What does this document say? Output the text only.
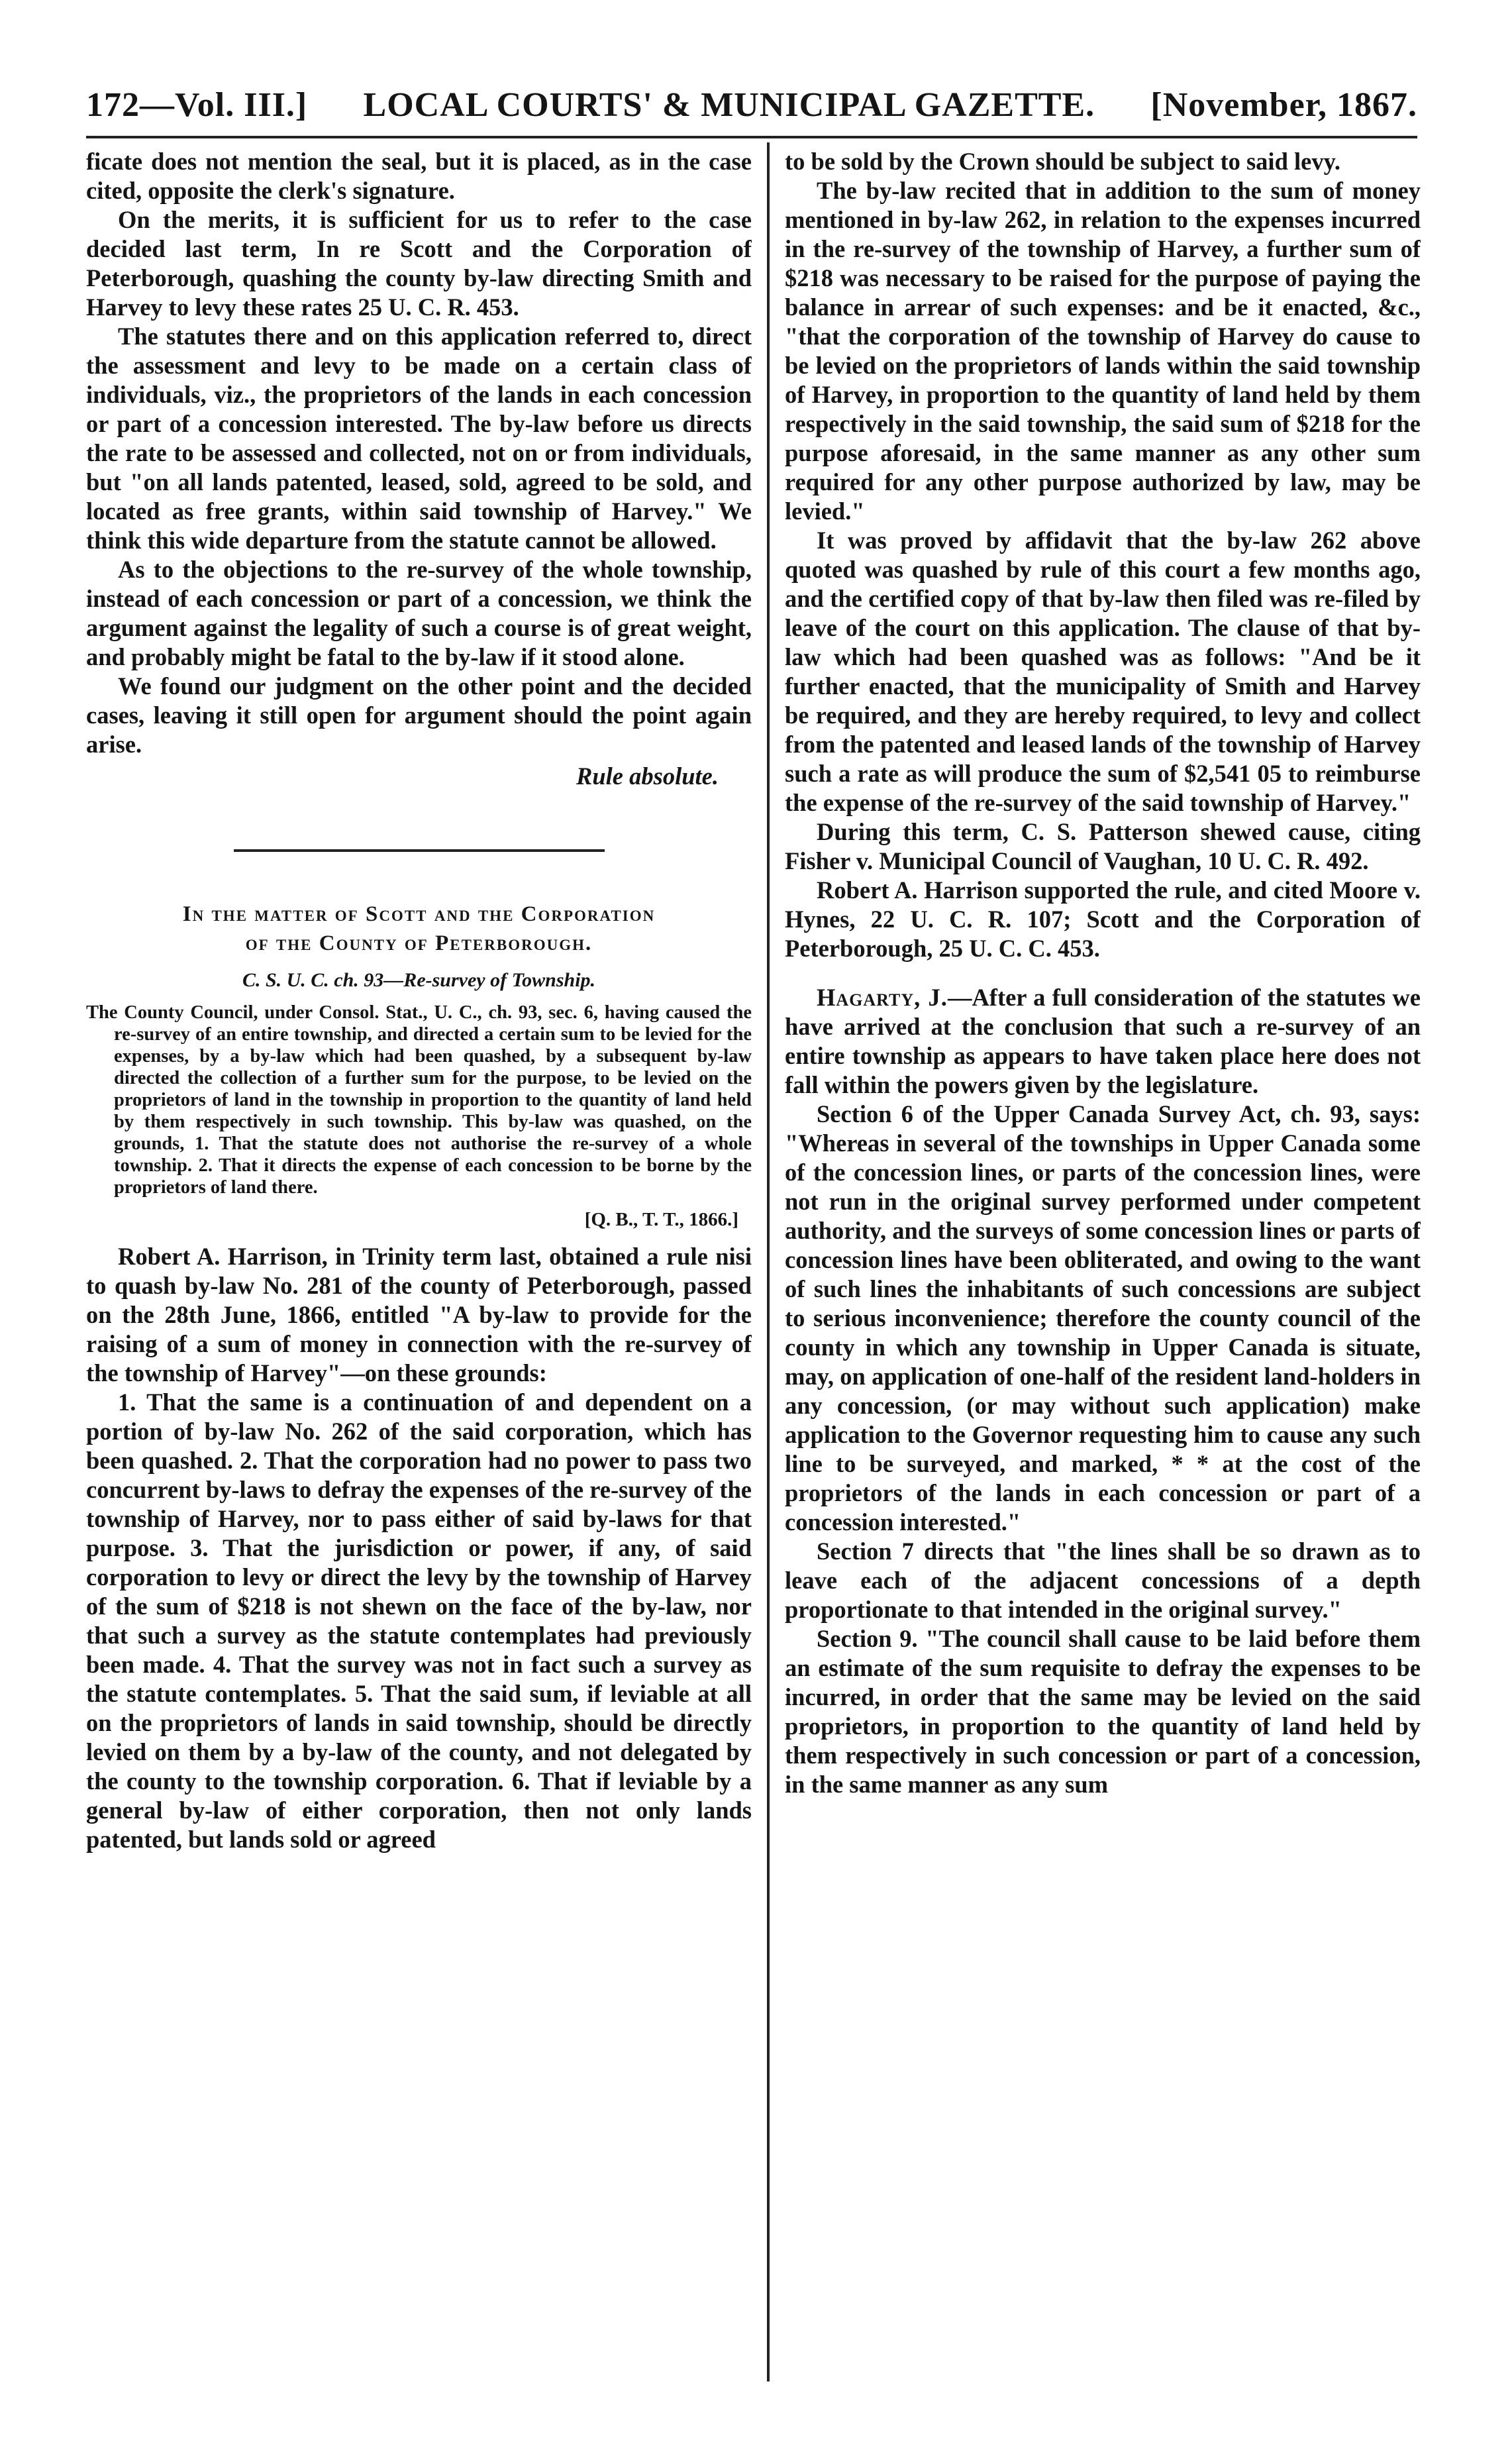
172—Vol. III.] LOCAL COURTS' & MUNICIPAL GAZETTE. [November, 1867.

ficate does not mention the seal, but it is placed, as in the case cited, opposite the clerk's signature.

On the merits, it is sufficient for us to refer to the case decided last term, In re Scott and the Corporation of Peterborough, quashing the county by-law directing Smith and Harvey to levy these rates 25 U. C. R. 453.

The statutes there and on this application referred to, direct the assessment and levy to be made on a certain class of individuals, viz., the proprietors of the lands in each concession or part of a concession interested. The by-law before us directs the rate to be assessed and collected, not on or from individuals, but "on all lands patented, leased, sold, agreed to be sold, and located as free grants, within said township of Harvey." We think this wide departure from the statute cannot be allowed.

As to the objections to the re-survey of the whole township, instead of each concession or part of a concession, we think the argument against the legality of such a course is of great weight, and probably might be fatal to the by-law if it stood alone.

We found our judgment on the other point and the decided cases, leaving it still open for argument should the point again arise.

Rule absolute.

In the matter of Scott and the Corporation
of the County of Peterborough.

C. S. U. C. ch. 93—Re-survey of Township.

The County Council, under Consol. Stat., U. C., ch. 93, sec. 6, having caused the re-survey of an entire township, and directed a certain sum to be levied for the expenses, by a by-law which had been quashed, by a subsequent by-law directed the collection of a further sum for the purpose, to be levied on the proprietors of land in the township in proportion to the quantity of land held by them respectively in such township. This by-law was quashed, on the grounds, 1. That the statute does not authorise the re-survey of a whole township. 2. That it directs the expense of each concession to be borne by the proprietors of land there.

[Q. B., T. T., 1866.]

Robert A. Harrison, in Trinity term last, obtained a rule nisi to quash by-law No. 281 of the county of Peterborough, passed on the 28th June, 1866, entitled "A by-law to provide for the raising of a sum of money in connection with the re-survey of the township of Harvey"—on these grounds:

1. That the same is a continuation of and dependent on a portion of by-law No. 262 of the said corporation, which has been quashed. 2. That the corporation had no power to pass two concurrent by-laws to defray the expenses of the re-survey of the township of Harvey, nor to pass either of said by-laws for that purpose. 3. That the jurisdiction or power, if any, of said corporation to levy or direct the levy by the township of Harvey of the sum of $218 is not shewn on the face of the by-law, nor that such a survey as the statute contemplates had previously been made. 4. That the survey was not in fact such a survey as the statute contemplates. 5. That the said sum, if leviable at all on the proprietors of lands in said township, should be directly levied on them by a by-law of the county, and not delegated by the county to the township corporation. 6. That if leviable by a general by-law of either corporation, then not only lands patented, but lands sold or agreed

to be sold by the Crown should be subject to said levy.

The by-law recited that in addition to the sum of money mentioned in by-law 262, in relation to the expenses incurred in the re-survey of the township of Harvey, a further sum of $218 was necessary to be raised for the purpose of paying the balance in arrear of such expenses: and be it enacted, &c., "that the corporation of the township of Harvey do cause to be levied on the proprietors of lands within the said township of Harvey, in proportion to the quantity of land held by them respectively in the said township, the said sum of $218 for the purpose aforesaid, in the same manner as any other sum required for any other purpose authorized by law, may be levied."

It was proved by affidavit that the by-law 262 above quoted was quashed by rule of this court a few months ago, and the certified copy of that by-law then filed was re-filed by leave of the court on this application. The clause of that by-law which had been quashed was as follows: "And be it further enacted, that the municipality of Smith and Harvey be required, and they are hereby required, to levy and collect from the patented and leased lands of the township of Harvey such a rate as will produce the sum of $2,541 05 to reimburse the expense of the re-survey of the said township of Harvey."

During this term, C. S. Patterson shewed cause, citing Fisher v. Municipal Council of Vaughan, 10 U. C. R. 492.

Robert A. Harrison supported the rule, and cited Moore v. Hynes, 22 U. C. R. 107; Scott and the Corporation of Peterborough, 25 U. C. C. 453.

Hagarty, J.—After a full consideration of the statutes we have arrived at the conclusion that such a re-survey of an entire township as appears to have taken place here does not fall within the powers given by the legislature.

Section 6 of the Upper Canada Survey Act, ch. 93, says: "Whereas in several of the townships in Upper Canada some of the concession lines, or parts of the concession lines, were not run in the original survey performed under competent authority, and the surveys of some concession lines or parts of concession lines have been obliterated, and owing to the want of such lines the inhabitants of such concessions are subject to serious inconvenience; therefore the county council of the county in which any township in Upper Canada is situate, may, on application of one-half of the resident land-holders in any concession, (or may without such application) make application to the Governor requesting him to cause any such line to be surveyed, and marked, * * at the cost of the proprietors of the lands in each concession or part of a concession interested."

Section 7 directs that "the lines shall be so drawn as to leave each of the adjacent concessions of a depth proportionate to that intended in the original survey."

Section 9. "The council shall cause to be laid before them an estimate of the sum requisite to defray the expenses to be incurred, in order that the same may be levied on the said proprietors, in proportion to the quantity of land held by them respectively in such concession or part of a concession, in the same manner as any sum
